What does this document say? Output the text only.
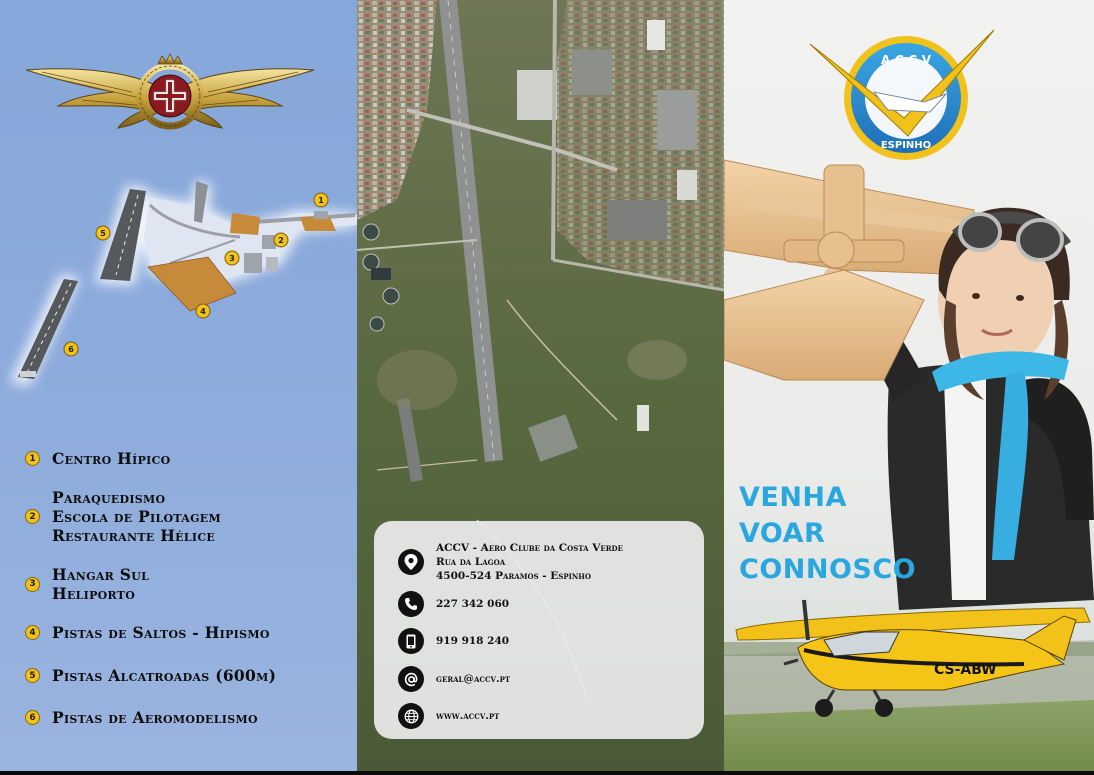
1
2
3
4
5
6
1 Centro Hípico
2
Paraquedismo
Escola de Pilotagem
Restaurante Hélice
3 Hangar Sul
Heliporto
4 Pistas de Saltos - Hipismo
5 Pistas Alcatroadas (600m)
6 Pistas de Aeromodelismo
ACCV - Aero Clube da Costa Verde
Rua da Lagoa
4500-524 Paramos - Espinho
227 342 060
919 918 240
geral@accv.pt
www.accv.pt
CS-ABW
A.C.C.V
ESPINHO
VENHA
VOAR
CONNOSCO
